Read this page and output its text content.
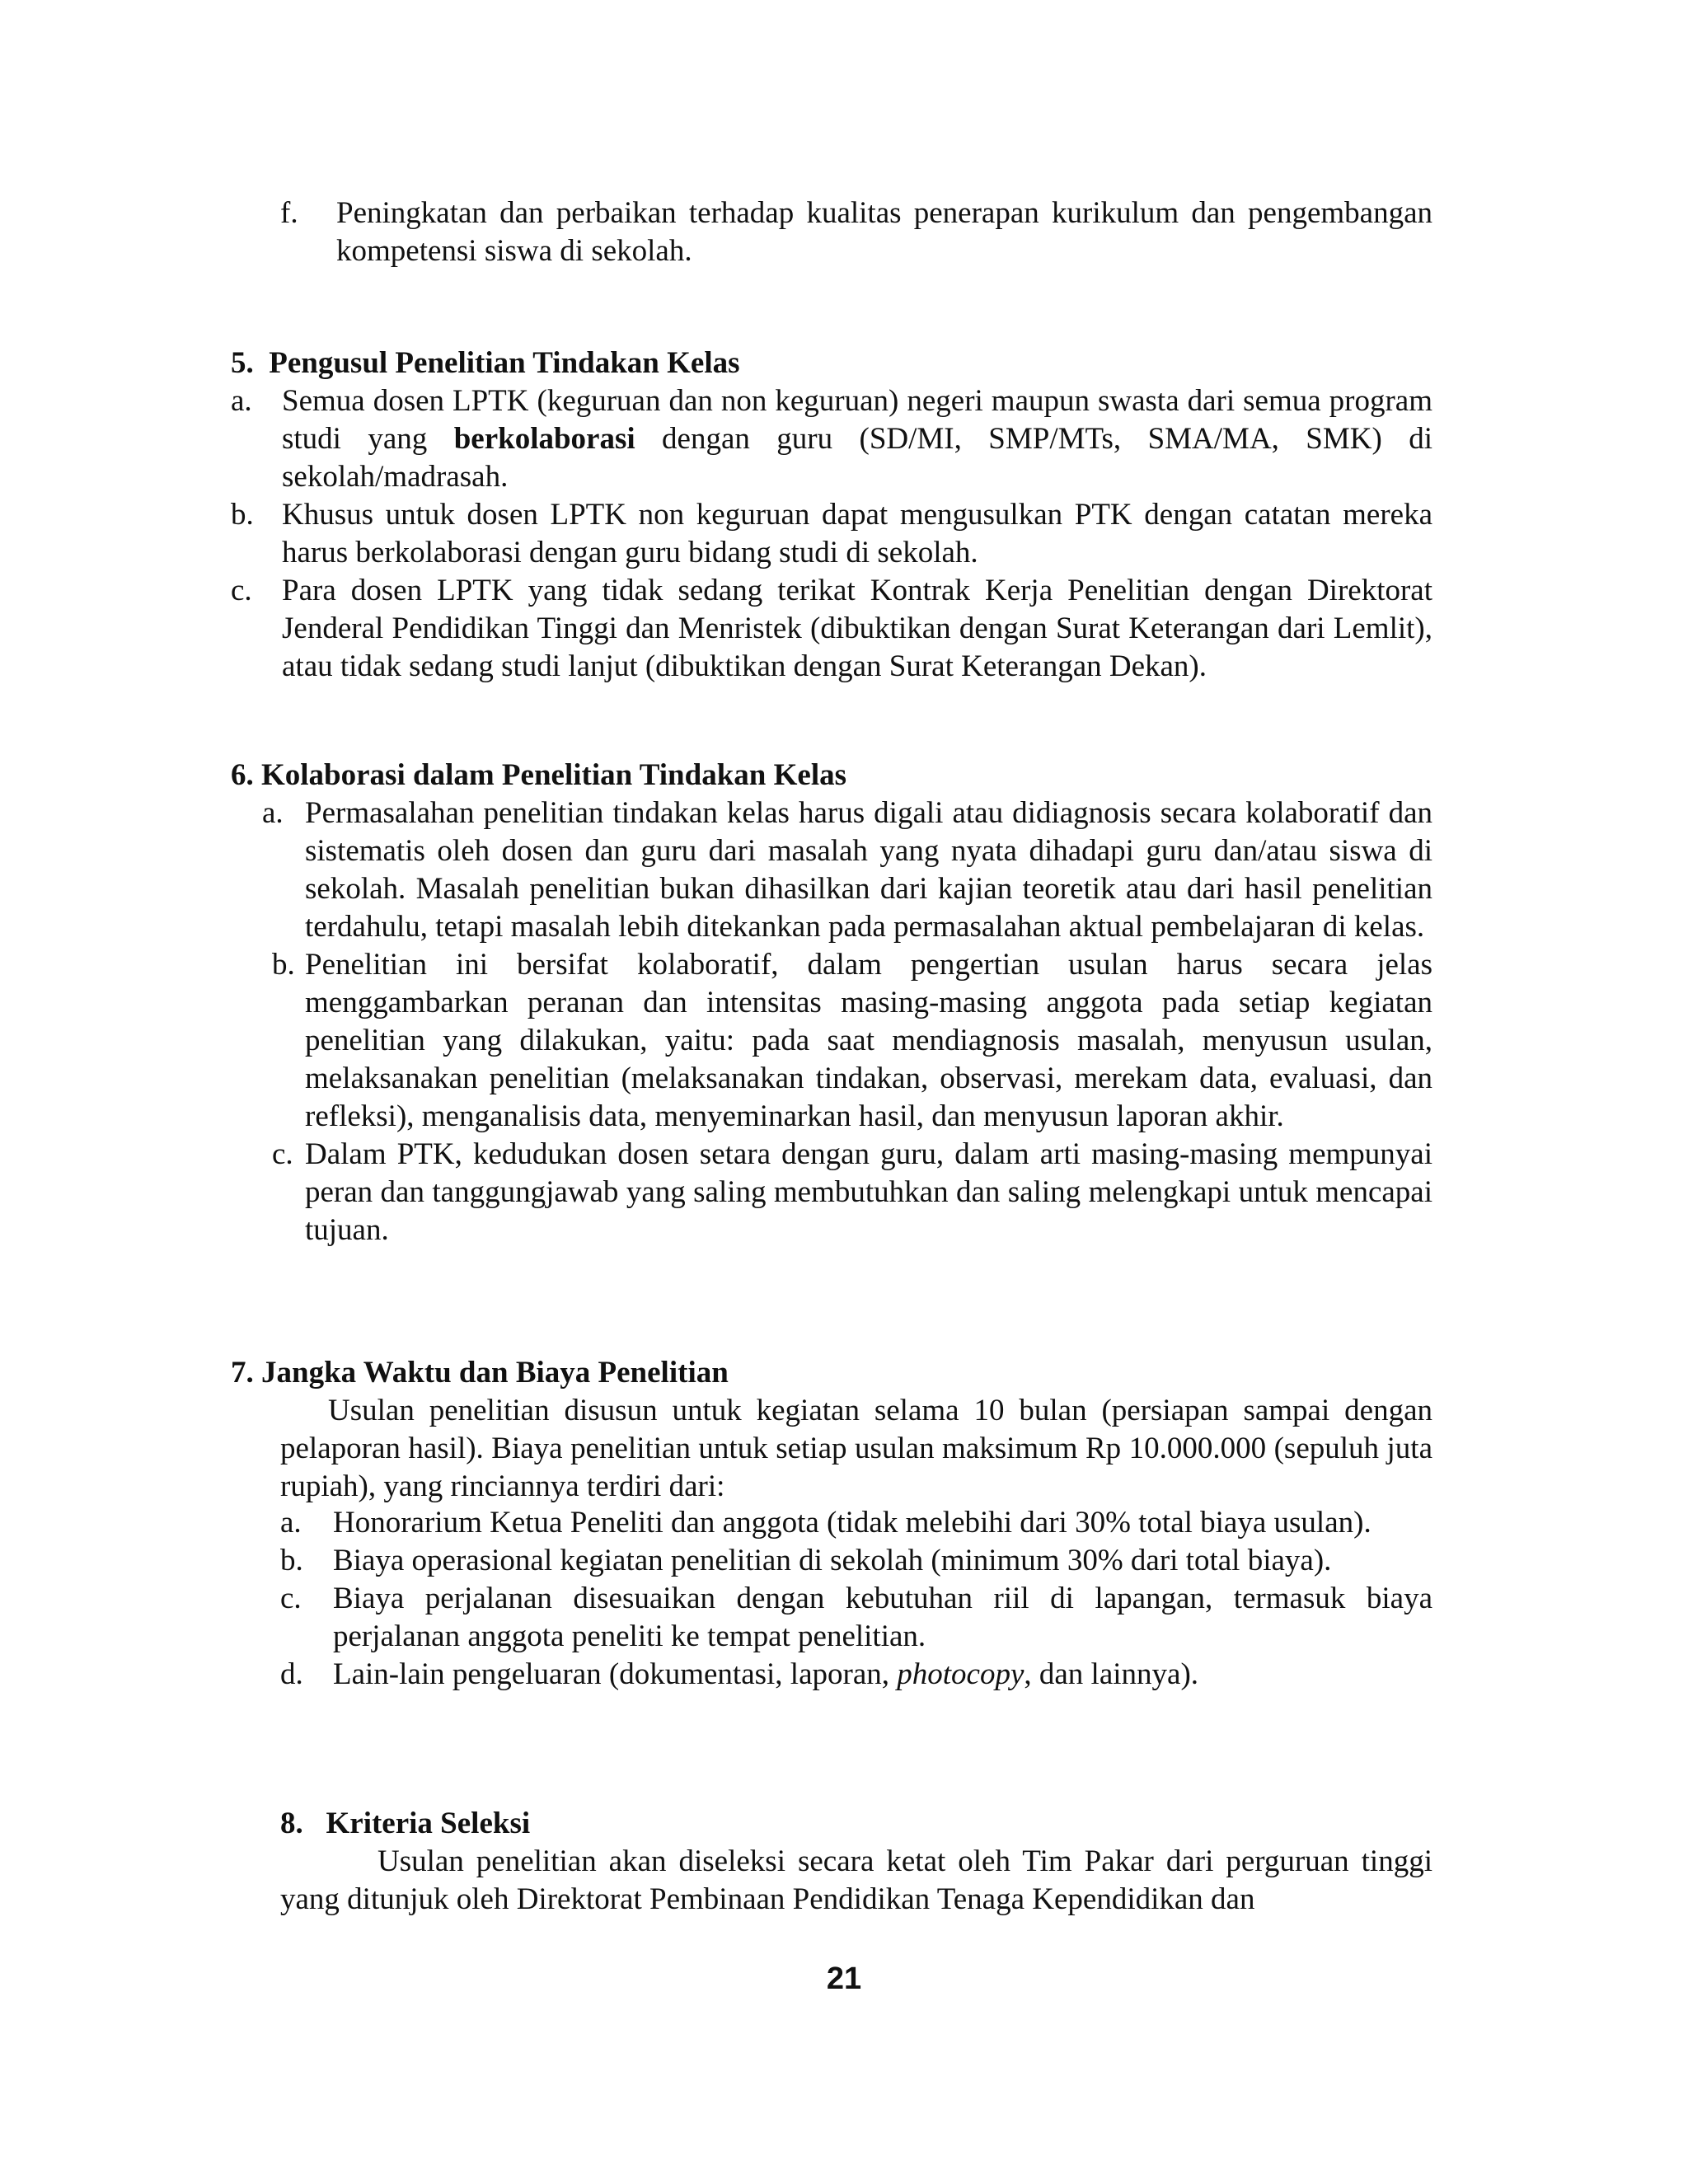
f. Peningkatan dan perbaikan terhadap kualitas penerapan kurikulum dan pengembangan kompetensi siswa di sekolah.
5.  Pengusul Penelitian Tindakan Kelas
a. Semua dosen LPTK (keguruan dan non keguruan) negeri maupun swasta dari semua program studi yang berkolaborasi dengan guru (SD/MI, SMP/MTs, SMA/MA, SMK) di sekolah/madrasah.
b. Khusus untuk dosen LPTK non keguruan dapat mengusulkan PTK dengan catatan mereka harus berkolaborasi dengan guru bidang studi di sekolah.
c. Para dosen LPTK yang tidak sedang terikat Kontrak Kerja Penelitian dengan Direktorat Jenderal Pendidikan Tinggi dan Menristek (dibuktikan dengan Surat Keterangan dari Lemlit), atau tidak sedang studi lanjut (dibuktikan dengan Surat Keterangan Dekan).
6. Kolaborasi dalam Penelitian Tindakan Kelas
a. Permasalahan penelitian tindakan kelas harus digali atau didiagnosis secara kolaboratif dan sistematis oleh dosen dan guru dari masalah yang nyata dihadapi guru dan/atau siswa di sekolah. Masalah penelitian bukan dihasilkan dari kajian teoretik atau dari hasil penelitian terdahulu, tetapi masalah lebih ditekankan pada permasalahan aktual pembelajaran di kelas.
b. Penelitian ini bersifat kolaboratif, dalam pengertian usulan harus secara jelas menggambarkan peranan dan intensitas masing-masing anggota pada setiap kegiatan penelitian yang dilakukan, yaitu: pada saat mendiagnosis masalah, menyusun usulan, melaksanakan penelitian (melaksanakan tindakan, observasi, merekam data, evaluasi, dan refleksi), menganalisis data, menyeminarkan hasil, dan menyusun laporan akhir.
c. Dalam PTK, kedudukan dosen setara dengan guru, dalam arti masing-masing mempunyai peran dan tanggungjawab yang saling membutuhkan dan saling melengkapi untuk mencapai tujuan.
7. Jangka Waktu dan Biaya Penelitian
Usulan penelitian disusun untuk kegiatan selama 10 bulan (persiapan sampai dengan pelaporan hasil). Biaya penelitian untuk setiap usulan maksimum Rp 10.000.000 (sepuluh juta rupiah), yang rinciannya terdiri dari:
a. Honorarium Ketua Peneliti dan anggota (tidak melebihi dari 30% total biaya usulan).
b. Biaya operasional kegiatan penelitian di sekolah (minimum 30% dari total biaya).
c. Biaya perjalanan disesuaikan dengan kebutuhan riil di lapangan, termasuk biaya perjalanan anggota peneliti ke tempat penelitian.
d. Lain-lain pengeluaran (dokumentasi, laporan, photocopy, dan lainnya).
8.   Kriteria Seleksi
Usulan penelitian akan diseleksi secara ketat oleh Tim Pakar dari perguruan tinggi yang ditunjuk oleh Direktorat Pembinaan Pendidikan Tenaga Kependidikan dan
21
